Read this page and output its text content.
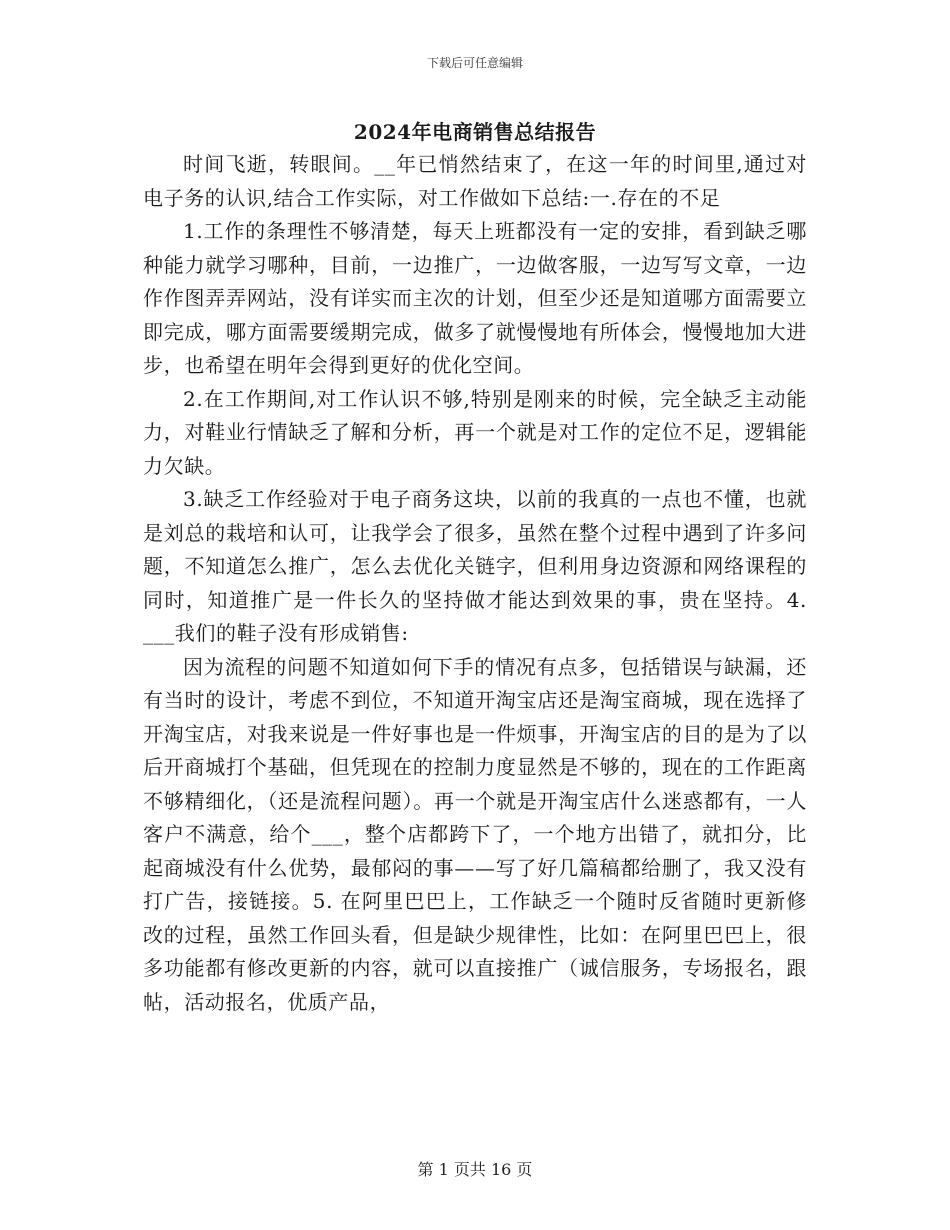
下载后可任意编辑
2024年电商销售总结报告

时间飞逝，转眼间。__年已悄然结束了，在这一年的时间里,通过对电子务的认识,结合工作实际，对工作做如下总结:一.存在的不足

1.工作的条理性不够清楚，每天上班都没有一定的安排，看到缺乏哪种能力就学习哪种，目前，一边推广，一边做客服，一边写写文章，一边作作图弄弄网站，没有详实而主次的计划，但至少还是知道哪方面需要立即完成，哪方面需要缓期完成，做多了就慢慢地有所体会，慢慢地加大进步，也希望在明年会得到更好的优化空间。

2.在工作期间,对工作认识不够,特别是刚来的时候，完全缺乏主动能力，对鞋业行情缺乏了解和分析，再一个就是对工作的定位不足，逻辑能力欠缺。

3.缺乏工作经验对于电子商务这块，以前的我真的一点也不懂，也就是刘总的栽培和认可，让我学会了很多，虽然在整个过程中遇到了许多问题，不知道怎么推广，怎么去优化关链字，但利用身边资源和网络课程的同时，知道推广是一件长久的坚持做才能达到效果的事，贵在坚持。4. ___我们的鞋子没有形成销售:

因为流程的问题不知道如何下手的情况有点多，包括错误与缺漏，还有当时的设计，考虑不到位，不知道开淘宝店还是淘宝商城，现在选择了开淘宝店，对我来说是一件好事也是一件烦事，开淘宝店的目的是为了以后开商城打个基础，但凭现在的控制力度显然是不够的，现在的工作距离不够精细化，（还是流程问题）。再一个就是开淘宝店什么迷惑都有，一人客户不满意，给个___，整个店都跨下了，一个地方出错了，就扣分，比起商城没有什么优势，最郁闷的事——写了好几篇稿都给删了，我又没有打广告，接链接。5. 在阿里巴巴上，工作缺乏一个随时反省随时更新修改的过程，虽然工作回头看，但是缺少规律性，比如：在阿里巴巴上，很多功能都有修改更新的内容，就可以直接推广（诚信服务，专场报名，跟帖，活动报名，优质产品，

第 1 页共 16 页
